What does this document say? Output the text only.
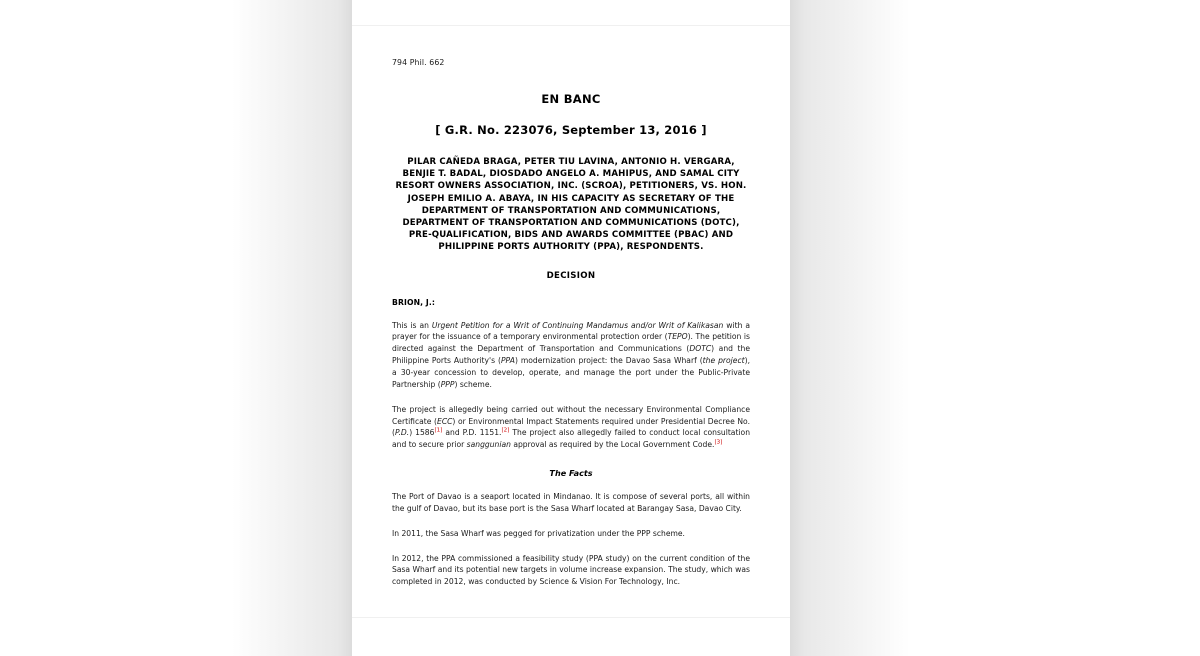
794 Phil. 662
EN BANC
[ G.R. No. 223076, September 13, 2016 ]
PILAR CAÑEDA BRAGA, PETER TIU LAVINA, ANTONIO H. VERGARA, BENJIE T. BADAL, DIOSDADO ANGELO A. MAHIPUS, AND SAMAL CITY RESORT OWNERS ASSOCIATION, INC. (SCROA), PETITIONERS, VS. HON. JOSEPH EMILIO A. ABAYA, IN HIS CAPACITY AS SECRETARY OF THE DEPARTMENT OF TRANSPORTATION AND COMMUNICATIONS, DEPARTMENT OF TRANSPORTATION AND COMMUNICATIONS (DOTC), PRE-QUALIFICATION, BIDS AND AWARDS COMMITTEE (PBAC) AND PHILIPPINE PORTS AUTHORITY (PPA), RESPONDENTS.
DECISION
BRION, J.:

This is an Urgent Petition for a Writ of Continuing Mandamus and/or Writ of Kalikasan with a prayer for the issuance of a temporary environmental protection order (TEPO). The petition is directed against the Department of Transportation and Communications (DOTC) and the Philippine Ports Authority's (PPA) modernization project: the Davao Sasa Wharf (the project), a 30-year concession to develop, operate, and manage the port under the Public-Private Partnership (PPP) scheme.

The project is allegedly being carried out without the necessary Environmental Compliance Certificate (ECC) or Environmental Impact Statements required under Presidential Decree No. (P.D.) 1586[1] and P.D. 1151.[2] The project also allegedly failed to conduct local consultation and to secure prior sanggunian approval as required by the Local Government Code.[3]

The Facts

The Port of Davao is a seaport located in Mindanao. It is compose of several ports, all within the gulf of Davao, but its base port is the Sasa Wharf located at Barangay Sasa, Davao City.

In 2011, the Sasa Wharf was pegged for privatization under the PPP scheme.

In 2012, the PPA commissioned a feasibility study (PPA study) on the current condition of the Sasa Wharf and its potential new targets in volume increase expansion. The study, which was completed in 2012, was conducted by Science & Vision For Technology, Inc.
